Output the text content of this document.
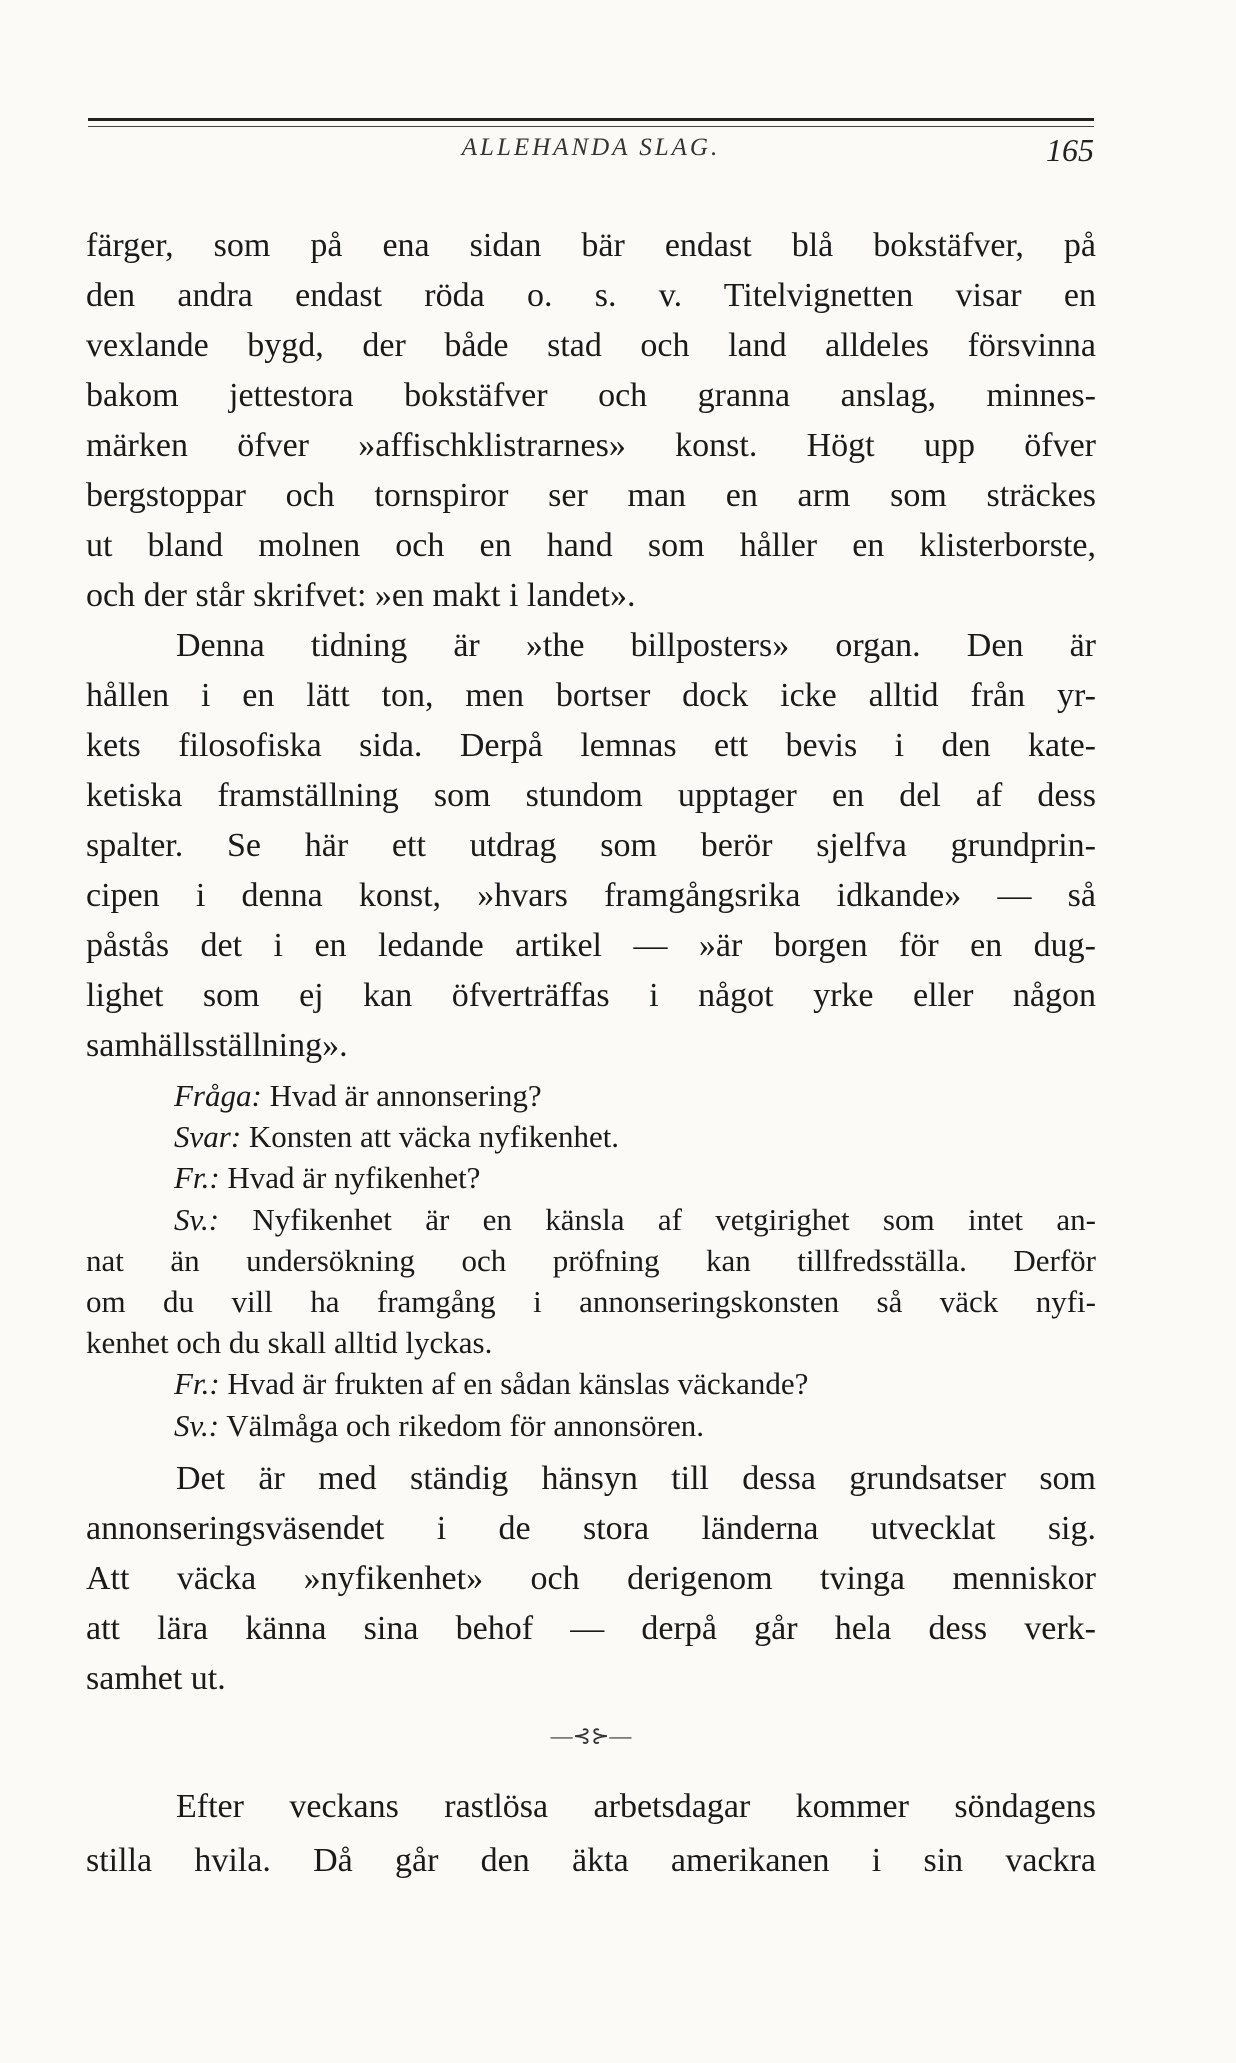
ALLEHANDA SLAG.	165
färger, som på ena sidan bär endast blå bokstäfver, på
den andra endast röda o. s. v. Titelvignetten visar en
vexlande bygd, der både stad och land alldeles försvinna
bakom jettestora bokstäfver och granna anslag, minnes-
märken öfver »affischklistrarnes» konst. Högt upp öfver
bergstoppar och tornspiror ser man en arm som sträckes
ut bland molnen och en hand som håller en klisterborste,
och der står skrifvet: »en makt i landet».
Denna tidning är »the billposters» organ. Den är
hållen i en lätt ton, men bortser dock icke alltid från yr-
kets filosofiska sida. Derpå lemnas ett bevis i den kate-
ketiska framställning som stundom upptager en del af dess
spalter. Se här ett utdrag som berör sjelfva grundprin-
cipen i denna konst, »hvars framgångsrika idkande» — så
påstås det i en ledande artikel — »är borgen för en dug-
lighet som ej kan öfverträffas i något yrke eller någon
samhällsställning».
Fråga: Hvad är annonsering?
Svar: Konsten att väcka nyfikenhet.
Fr.: Hvad är nyfikenhet?
Sv.: Nyfikenhet är en känsla af vetgirighet som intet an-
nat än undersökning och pröfning kan tillfredsställa. Derför
om du vill ha framgång i annonseringskonsten så väck nyfi-
kenhet och du skall alltid lyckas.
Fr.: Hvad är frukten af en sådan känslas väckande?
Sv.: Välmåga och rikedom för annonsören.
Det är med ständig hänsyn till dessa grundsatser som
annonseringsväsendet i de stora länderna utvecklat sig.
Att väcka »nyfikenhet» och derigenom tvinga menniskor
att lära känna sina behof — derpå går hela dess verk-
samhet ut.
—⊰⊱—
Efter veckans rastlösa arbetsdagar kommer söndagens
stilla hvila. Då går den äkta amerikanen i sin vackra
